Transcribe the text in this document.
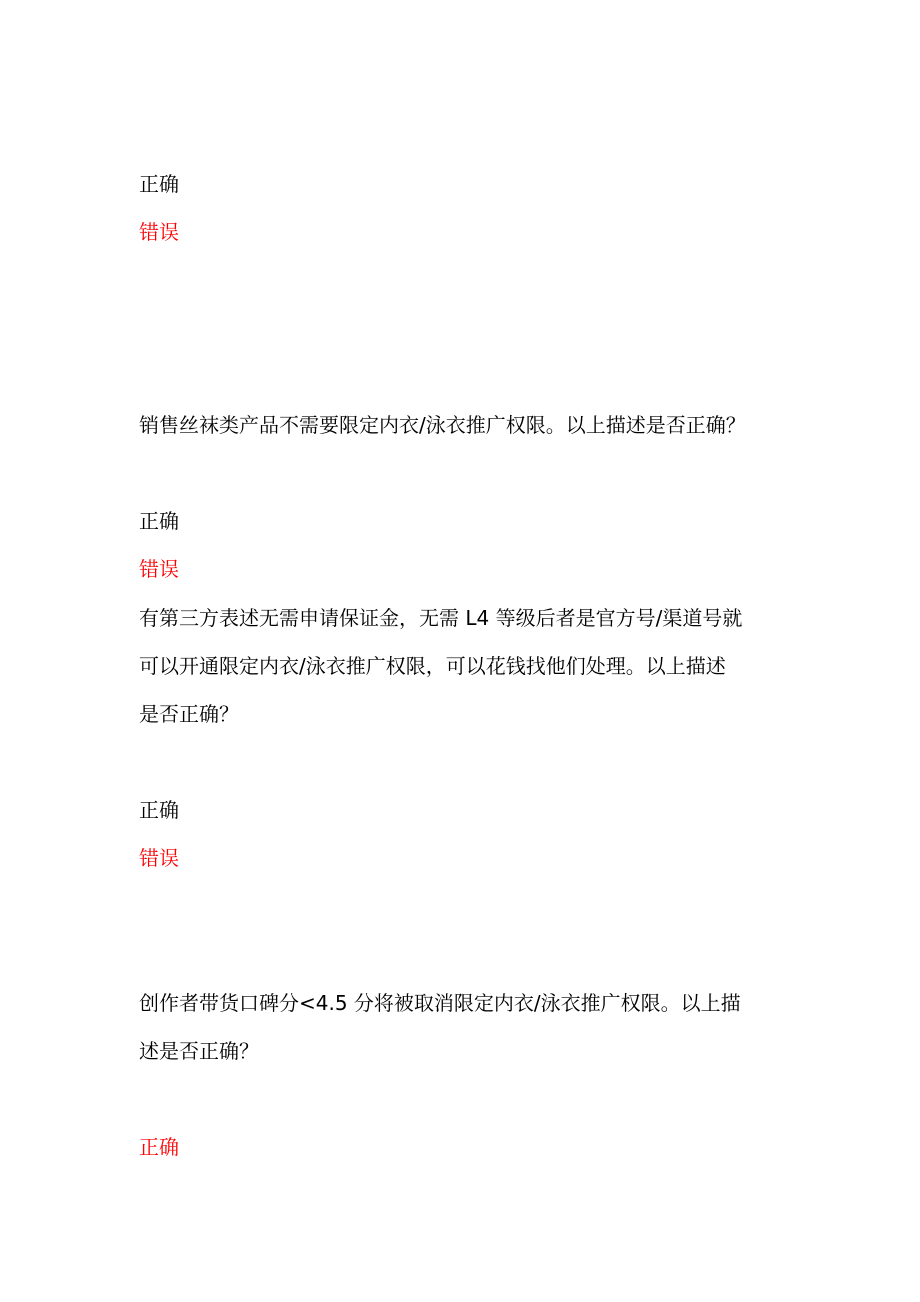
正确
错误
销售丝袜类产品不需要限定内衣/泳衣推广权限。以上描述是否正确？
正确
错误
有第三方表述无需申请保证金，无需 L4 等级后者是官方号/渠道号就
可以开通限定内衣/泳衣推广权限，可以花钱找他们处理。以上描述
是否正确？
正确
错误
创作者带货口碑分<4.5 分将被取消限定内衣/泳衣推广权限。以上描
述是否正确？
正确
